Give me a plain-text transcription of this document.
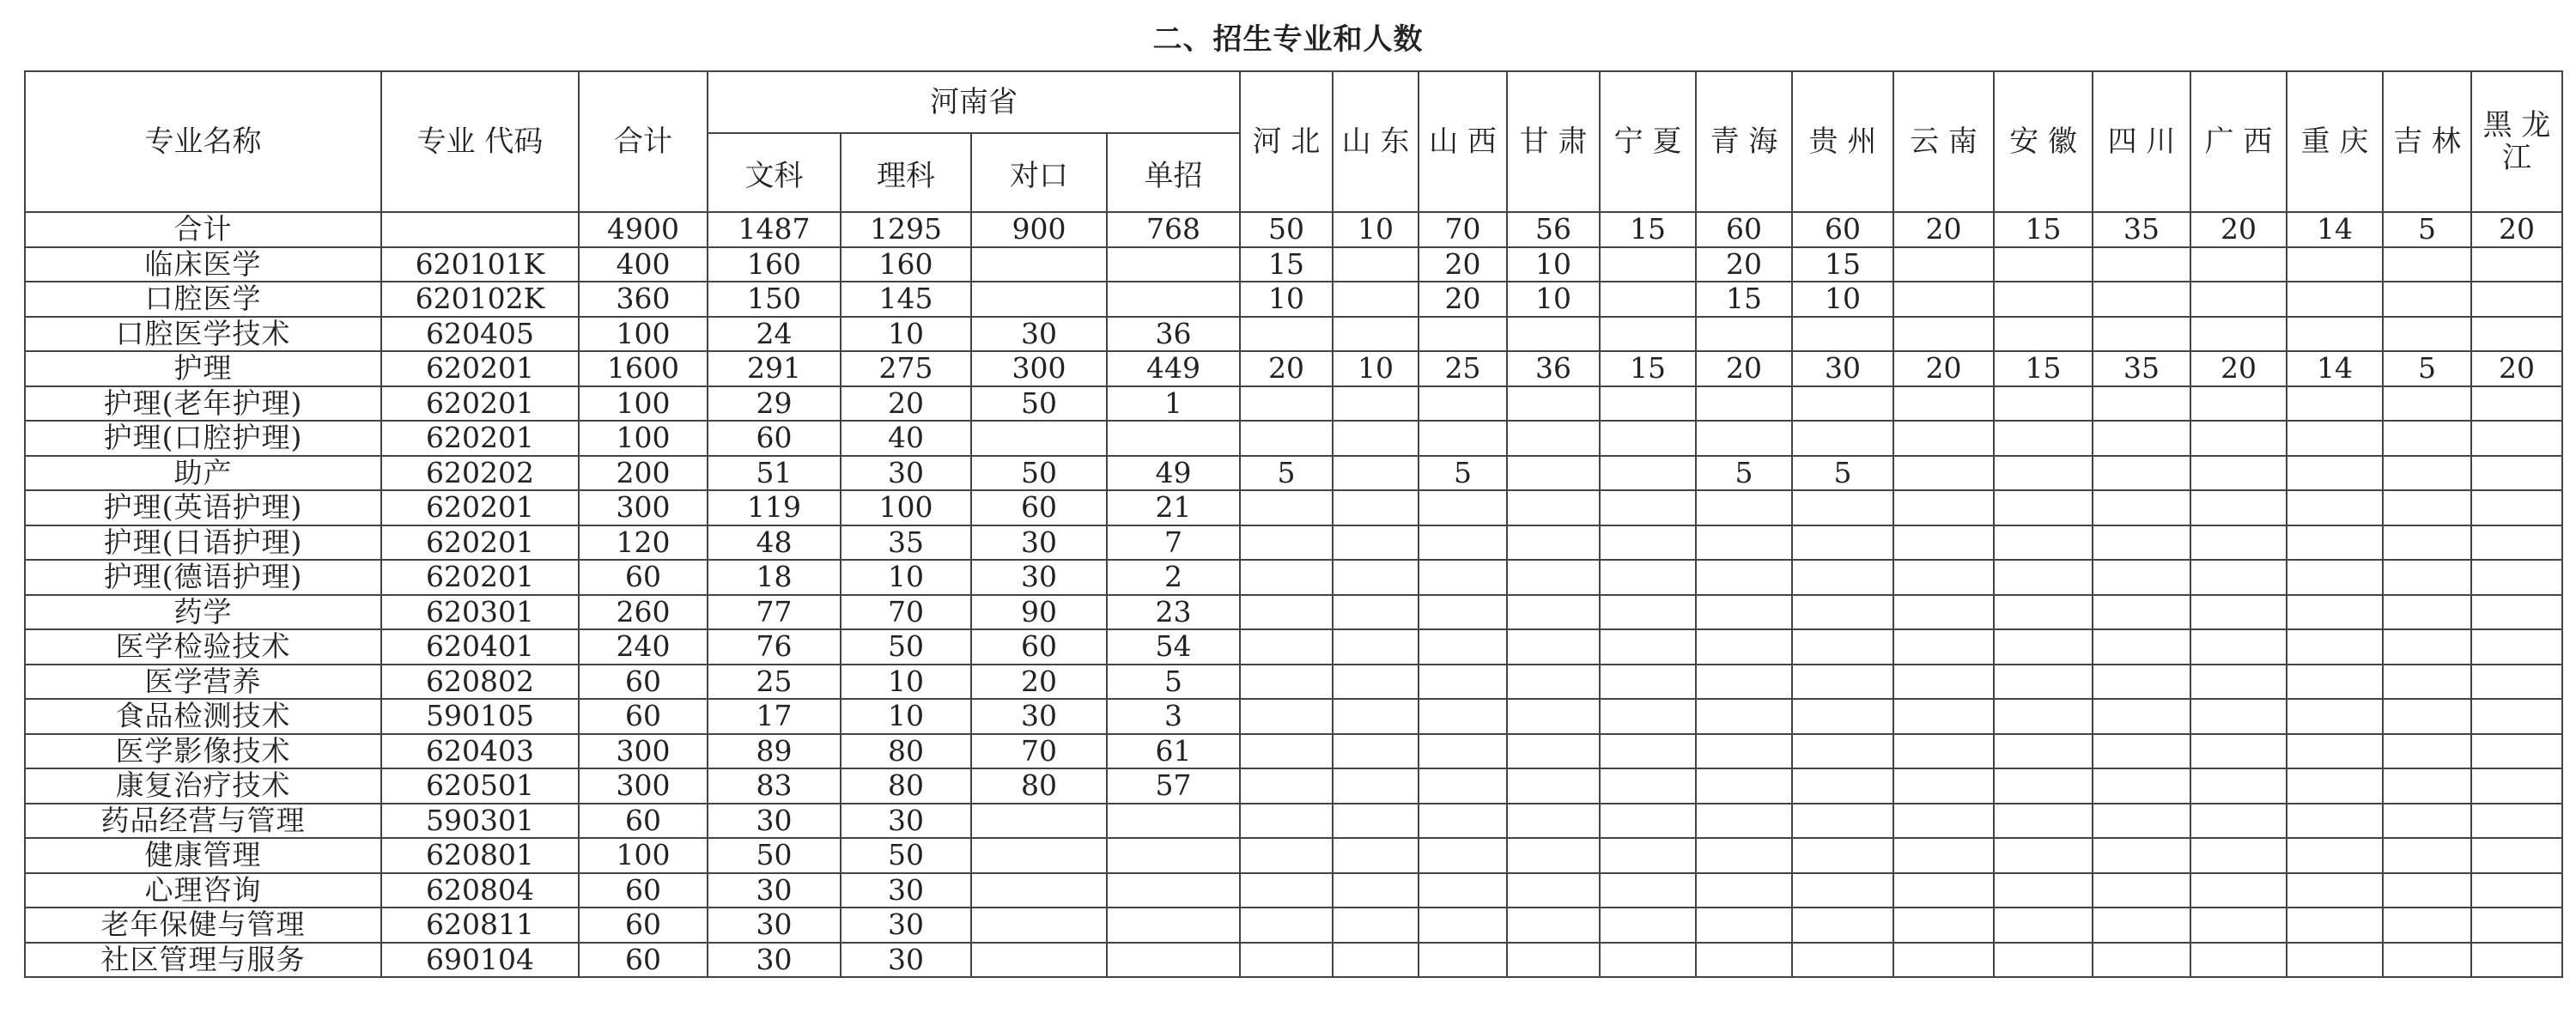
二、招生专业和人数
专业名称	专业 代码	合计	河南省				河 北	山 东	山 西	甘 肃	宁 夏	青 海	贵 州	云 南	安 徽	四 川	广 西	重 庆	吉 林	黑 龙 江
			文科	理科	对口	单招														
合计		4900	1487	1295	900	768	50	10	70	56	15	60	60	20	15	35	20	14	5	20
临床医学	620101K	400	160	160			15		20	10		20	15							
口腔医学	620102K	360	150	145			10		20	10		15	10							
口腔医学技术	620405	100	24	10	30	36														
护理	620201	1600	291	275	300	449	20	10	25	36	15	20	30	20	15	35	20	14	5	20
护理(老年护理)	620201	100	29	20	50	1														
护理(口腔护理)	620201	100	60	40																
助产	620202	200	51	30	50	49	5		5			5	5							
护理(英语护理)	620201	300	119	100	60	21														
护理(日语护理)	620201	120	48	35	30	7														
护理(德语护理)	620201	60	18	10	30	2														
药学	620301	260	77	70	90	23														
医学检验技术	620401	240	76	50	60	54														
医学营养	620802	60	25	10	20	5														
食品检测技术	590105	60	17	10	30	3														
医学影像技术	620403	300	89	80	70	61														
康复治疗技术	620501	300	83	80	80	57														
药品经营与管理	590301	60	30	30																
健康管理	620801	100	50	50																
心理咨询	620804	60	30	30																
老年保健与管理	620811	60	30	30																
社区管理与服务	690104	60	30	30																
